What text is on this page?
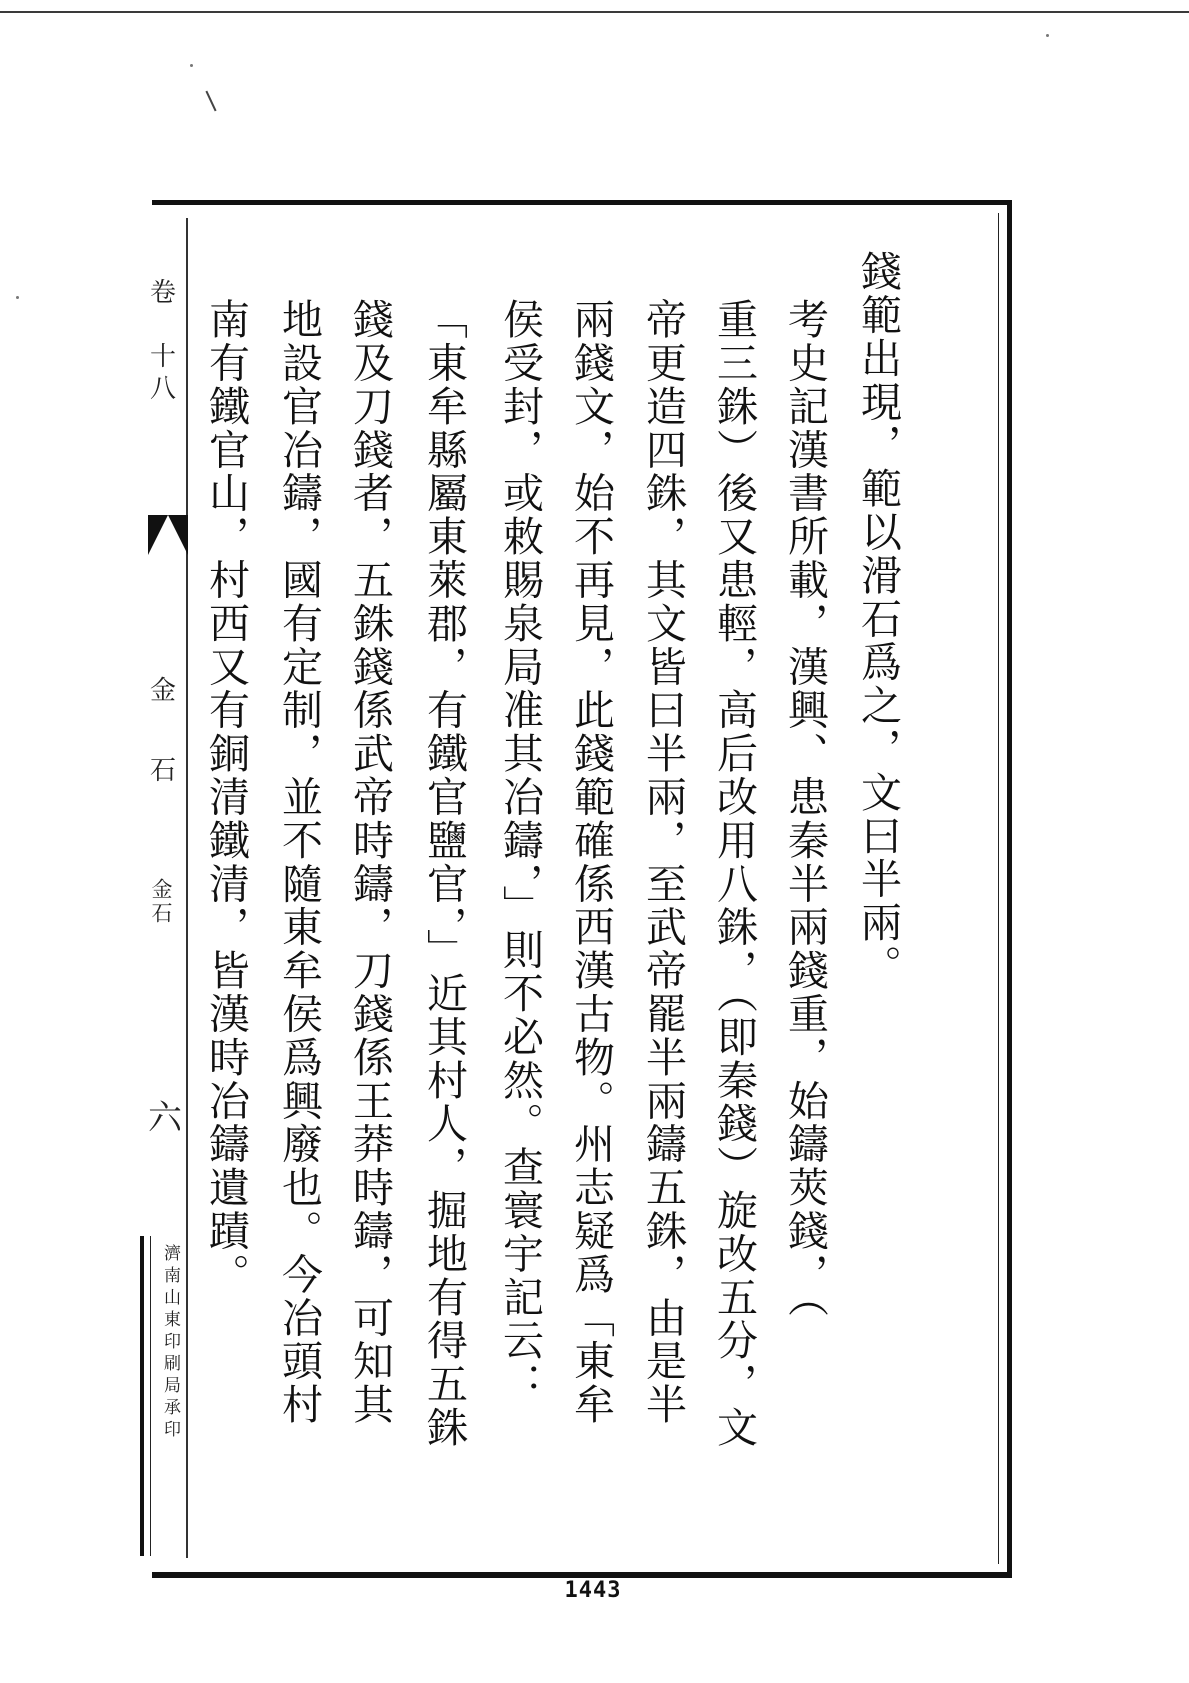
卷
十
八
金
石
六
金石
濟南山東印刷局承印
錢範出現，範以滑石爲之，文曰半兩。
考史記漢書所載，漢興、患秦半兩錢重，始鑄莢錢，（
重三銖）後又患輕，高后改用八銖，（即秦錢）旋改五分，文
帝更造四銖，其文皆曰半兩，至武帝罷半兩鑄五銖，由是半
兩錢文，始不再見，此錢範確係西漢古物。州志疑爲「東牟
侯受封，或敕賜泉局准其冶鑄，」則不必然。查寰宇記云：
「東牟縣屬東萊郡，有鐵官鹽官，」近其村人，掘地有得五銖
錢及刀錢者，五銖錢係武帝時鑄，刀錢係王莽時鑄，可知其
地設官冶鑄，國有定制，並不隨東牟侯爲興廢也。今冶頭村
南有鐵官山，村西又有銅清鐵清，皆漢時冶鑄遺蹟。
1443
